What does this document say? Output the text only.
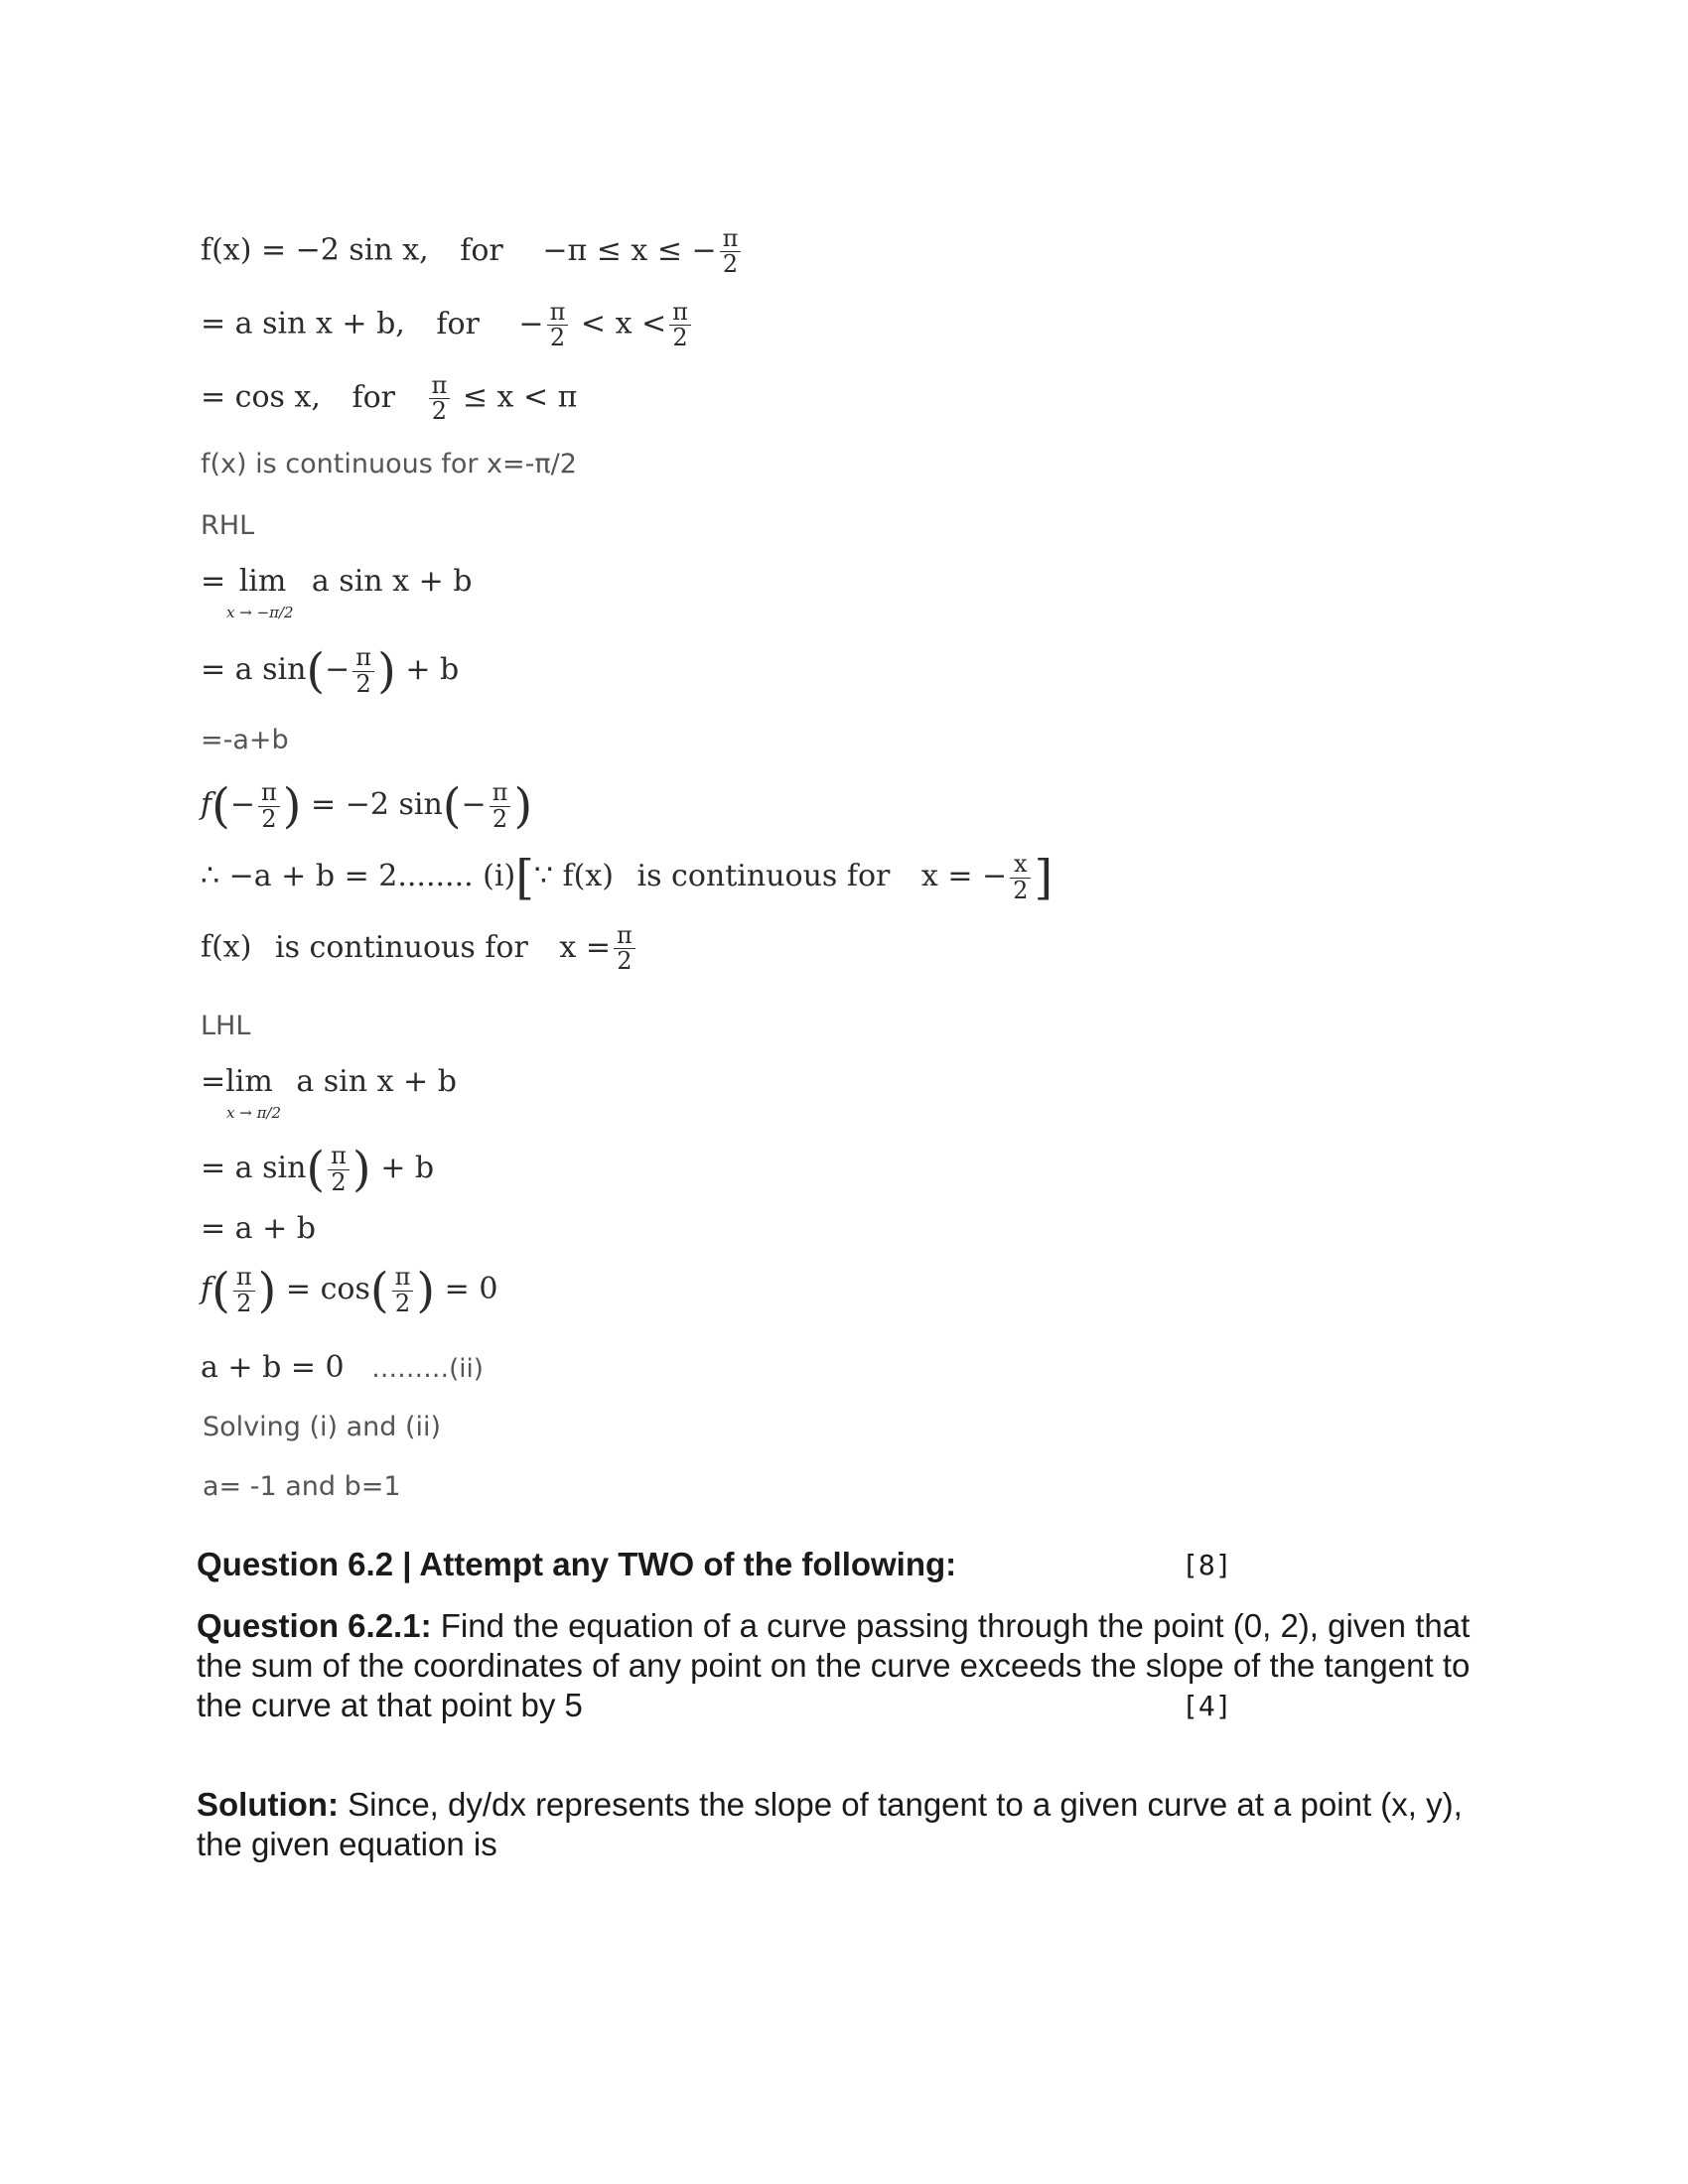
f(x) = −2 sin x, for −π ≤ x ≤ − $\frac{\pi}{2}$
= a sin x + b, for − $\frac{\pi}{2} < x < \frac{\pi}{2}$
= cos x, for $\frac{\pi}{2} \le x < \pi$
f(x) is continuous for x=-π/2
RHL
= lim a sin x + b
x → −π/2
= a $\sin(- \frac{\pi}{2}$ ) + b
=-a+b
$f(- \frac{\pi}{2}$ ) = −2 $\sin(- \frac{\pi}{2}$ )
∴ −a + b = 2........ (i)[∵ f(x) is continuous for x = − $\frac{x}{2}$ ]
f(x) is continuous for $x = \frac{\pi}{2}$
LHL
=lim a sin x + b
x → π/2
= a $\sin( \frac{\pi}{2}$ ) + b
= a + b
$f( \frac{\pi}{2}$ ) = $\cos( \frac{\pi}{2}$ ) = 0
a + b = 0 ………(ii)
Solving (i) and (ii)
a= -1 and b=1
Question 6.2 | Attempt any TWO of the following:	[8]
Question 6.2.1: Find the equation of a curve passing through the point (0, 2), given that
the sum of the coordinates of any point on the curve exceeds the slope of the tangent to
the curve at that point by 5	[4]
Solution: Since, dy/dx represents the slope of tangent to a given curve at a point (x, y),
the given equation is
